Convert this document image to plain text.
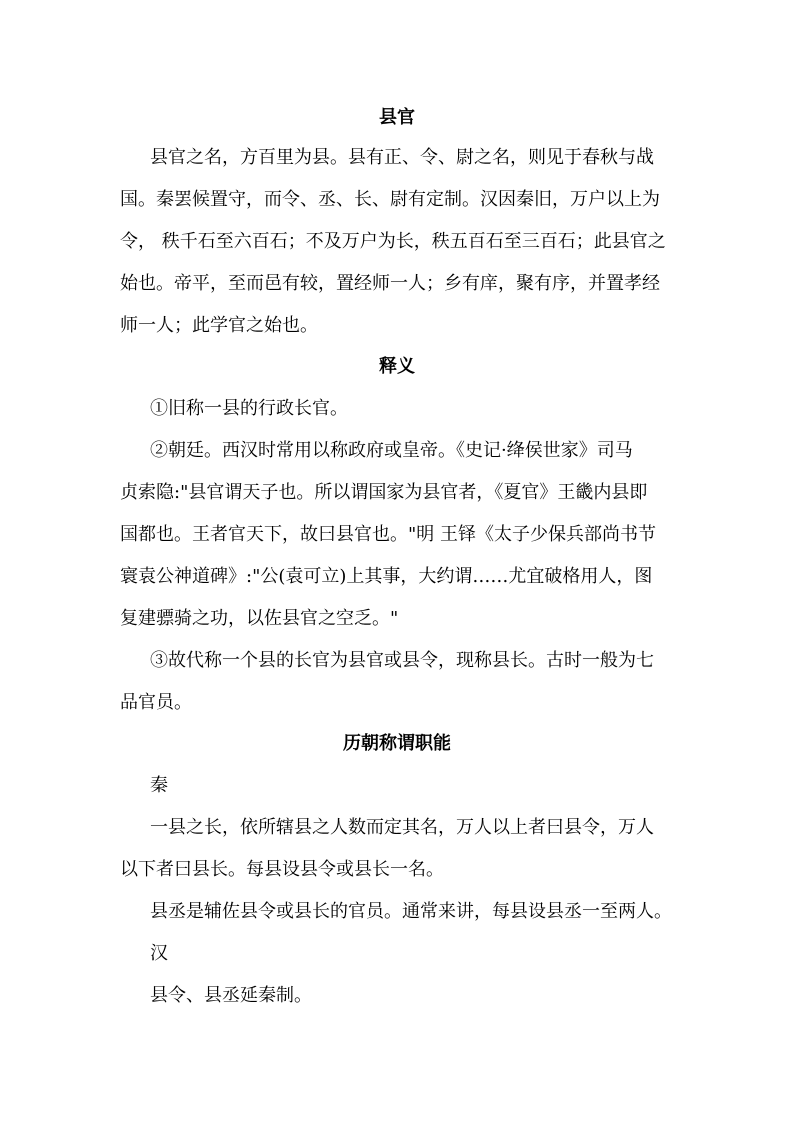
县官

县官之名，方百里为县。县有正、令、尉之名，则见于春秋与战

国。秦罢候置守，而令、丞、长、尉有定制。汉因秦旧，万户以上为

令， 秩千石至六百石；不及万户为长，秩五百石至三百石；此县官之

始也。帝平，至而邑有较，置经师一人；乡有庠，聚有序，并置孝经

师一人；此学官之始也。

释义

①旧称一县的行政长官。

②朝廷。西汉时常用以称政府或皇帝。《史记·绛侯世家》司马

贞索隐:"县官谓天子也。所以谓国家为县官者，《夏官》王畿内县即

国都也。王者官天下，故曰县官也。"明 王铎《太子少保兵部尚书节

寰袁公神道碑》:"公(袁可立)上其事，大约谓……尤宜破格用人，图

复建骠骑之功，以佐县官之空乏。"

③故代称一个县的长官为县官或县令，现称县长。古时一般为七

品官员。

历朝称谓职能

秦

一县之长，依所辖县之人数而定其名，万人以上者曰县令，万人

以下者曰县长。每县设县令或县长一名。

县丞是辅佐县令或县长的官员。通常来讲，每县设县丞一至两人。

汉

县令、县丞延秦制。
